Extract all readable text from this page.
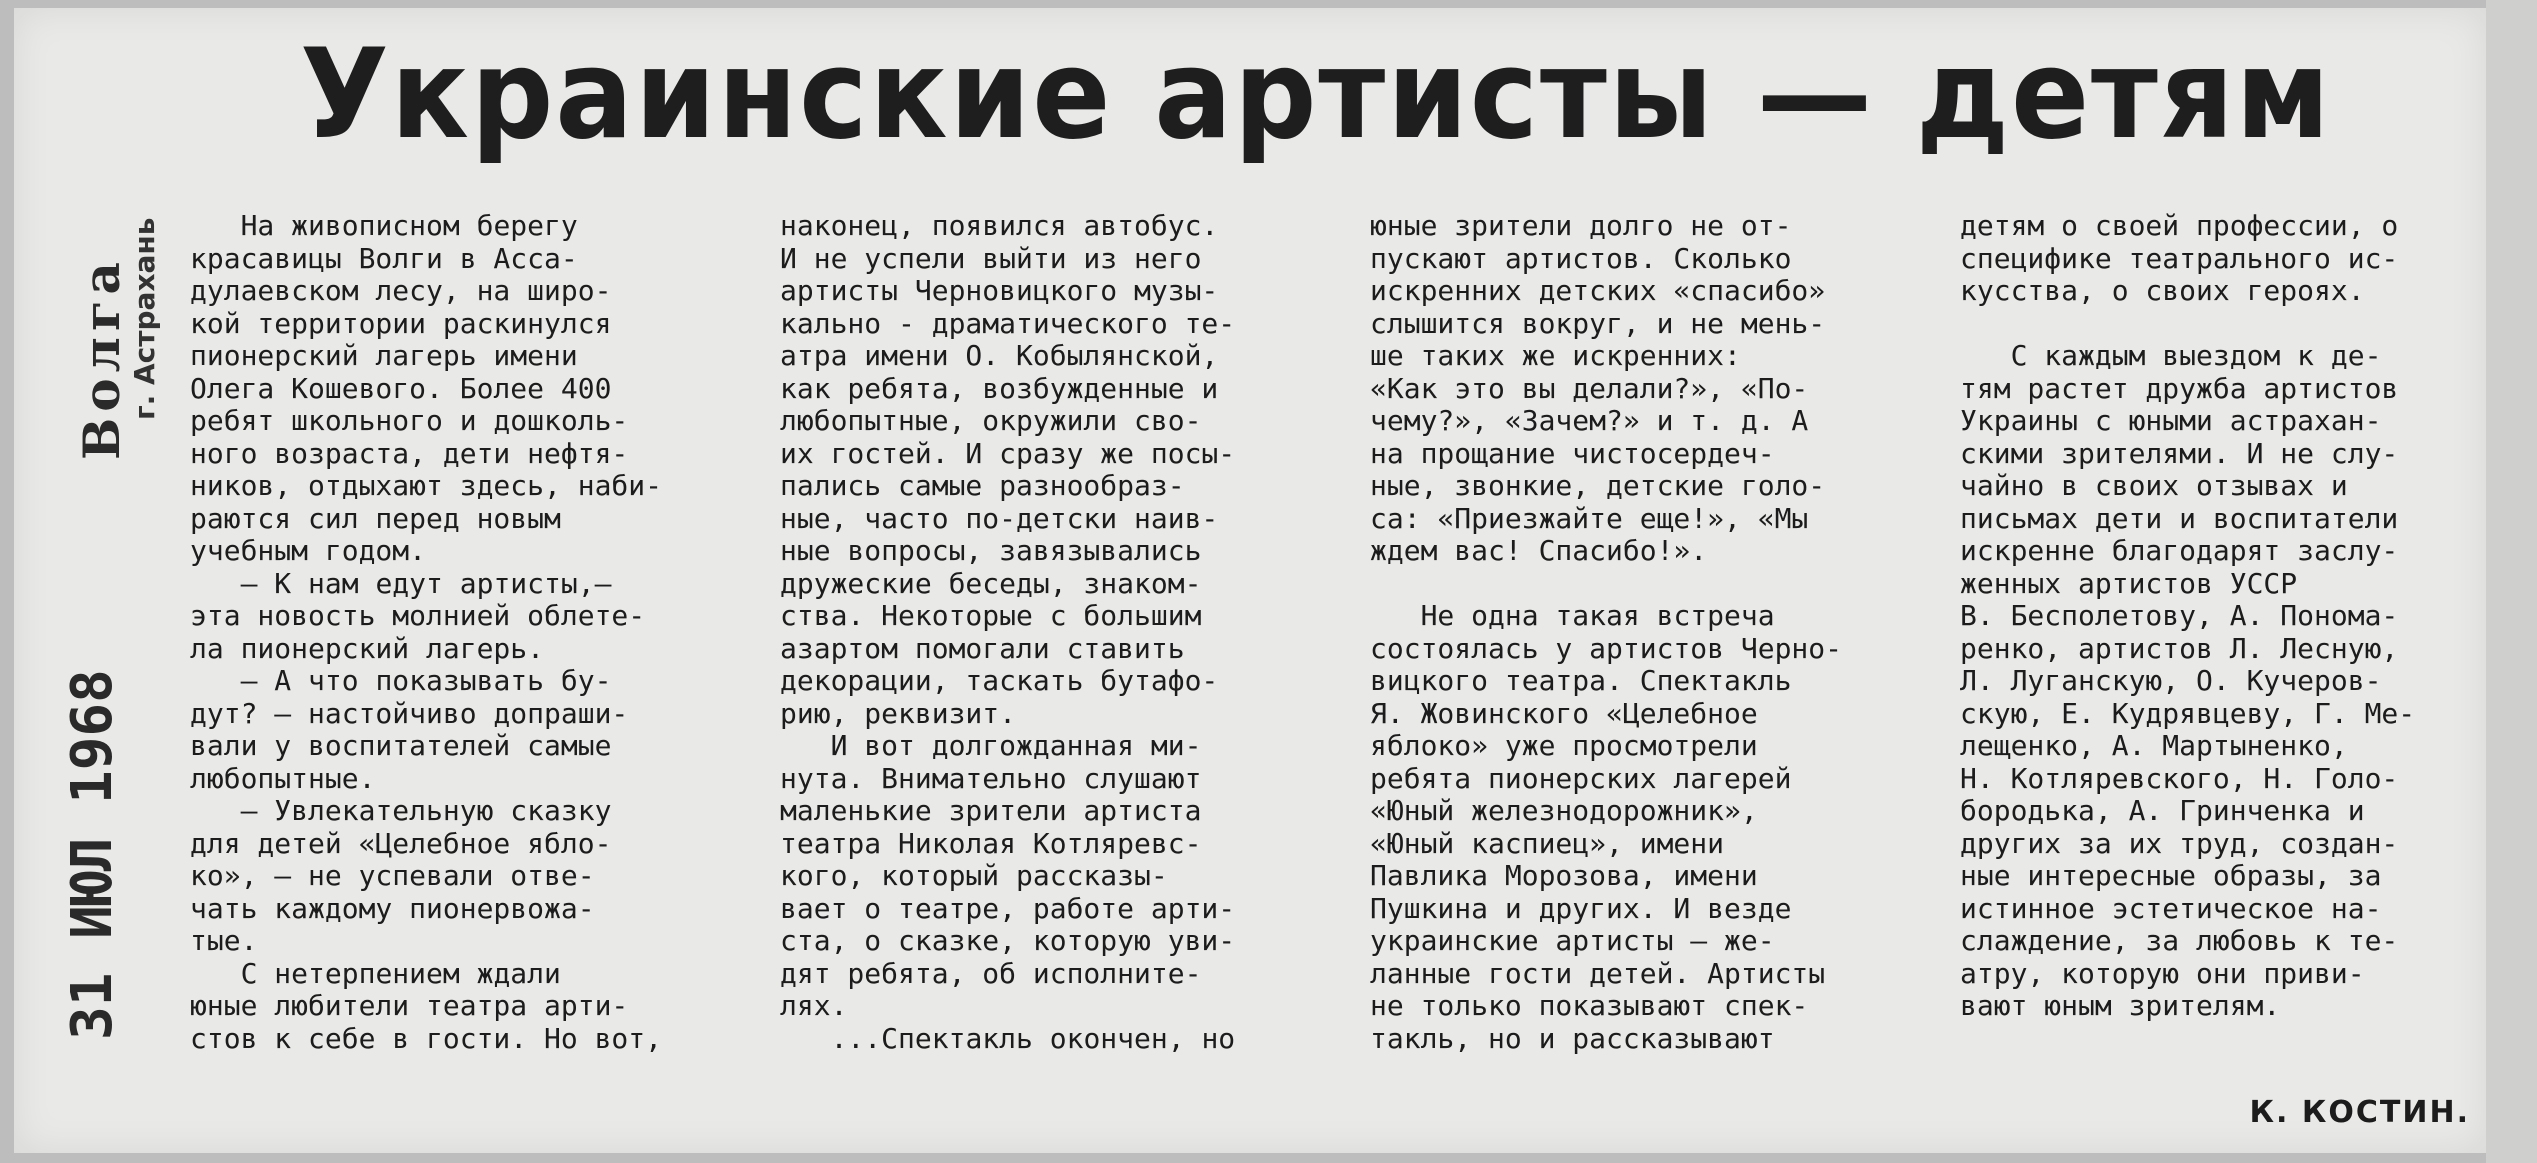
Украинские артисты — детям
Волга
г. Астрахань
31 ИЮЛ 1968

На живописном берегу

красавицы Волги в Асса-

дулаевском лесу, на широ-

кой территории раскинулся

пионерский лагерь имени

Олега Кошевого. Более 400

ребят школьного и дошколь-

ного возраста, дети нефтя-

ников, отдыхают здесь, наби-

раются сил перед новым

учебным годом.

— К нам едут артисты,—

эта новость молнией облете-

ла пионерский лагерь.

— А что показывать бу-

дут? — настойчиво допраши-

вали у воспитателей самые

любопытные.

— Увлекательную сказку

для детей «Целебное ябло-

ко», — не успевали отве-

чать каждому пионервожа-

тые.

С нетерпением ждали

юные любители театра арти-

стов к себе в гости. Но вот,

наконец, появился автобус.

И не успели выйти из него

артисты Черновицкого музы-

кально - драматического те-

атра имени О. Кобылянской,

как ребята, возбужденные и

любопытные, окружили сво-

их гостей. И сразу же посы-

пались самые разнообраз-

ные, часто по-детски наив-

ные вопросы, завязывались

дружеские беседы, знаком-

ства. Некоторые с большим

азартом помогали ставить

декорации, таскать бутафо-

рию, реквизит.

И вот долгожданная ми-

нута. Внимательно слушают

маленькие зрители артиста

театра Николая Котляревс-

кого, который рассказы-

вает о театре, работе арти-

ста, о сказке, которую уви-

дят ребята, об исполните-

лях.

...Спектакль окончен, но

юные зрители долго не от-

пускают артистов. Сколько

искренних детских «спасибо»

слышится вокруг, и не мень-

ше таких же искренних:

«Как это вы делали?», «По-

чему?», «Зачем?» и т. д. А

на прощание чистосердеч-

ные, звонкие, детские голо-

са: «Приезжайте еще!», «Мы

ждем вас! Спасибо!».

Не одна такая встреча

состоялась у артистов Черно-

вицкого театра. Спектакль

Я. Жовинского «Целебное

яблоко» уже просмотрели

ребята пионерских лагерей

«Юный железнодорожник»,

«Юный каспиец», имени

Павлика Морозова, имени

Пушкина и других. И везде

украинские артисты — же-

ланные гости детей. Артисты

не только показывают спек-

такль, но и рассказывают

детям о своей профессии, о

специфике театрального ис-

кусства, о своих героях.

С каждым выездом к де-

тям растет дружба артистов

Украины с юными астрахан-

скими зрителями. И не слу-

чайно в своих отзывах и

письмах дети и воспитатели

искренне благодарят заслу-

женных артистов УССР

В. Бесполетову, А. Понома-

ренко, артистов Л. Лесную,

Л. Луганскую, О. Кучеров-

скую, Е. Кудрявцеву, Г. Ме-

лещенко, А. Мартыненко,

Н. Котляревского, Н. Голо-

бородька, А. Гринченка и

других за их труд, создан-

ные интересные образы, за

истинное эстетическое на-

слаждение, за любовь к те-

атру, которую они приви-

вают юным зрителям.

К. КОСТИН.
